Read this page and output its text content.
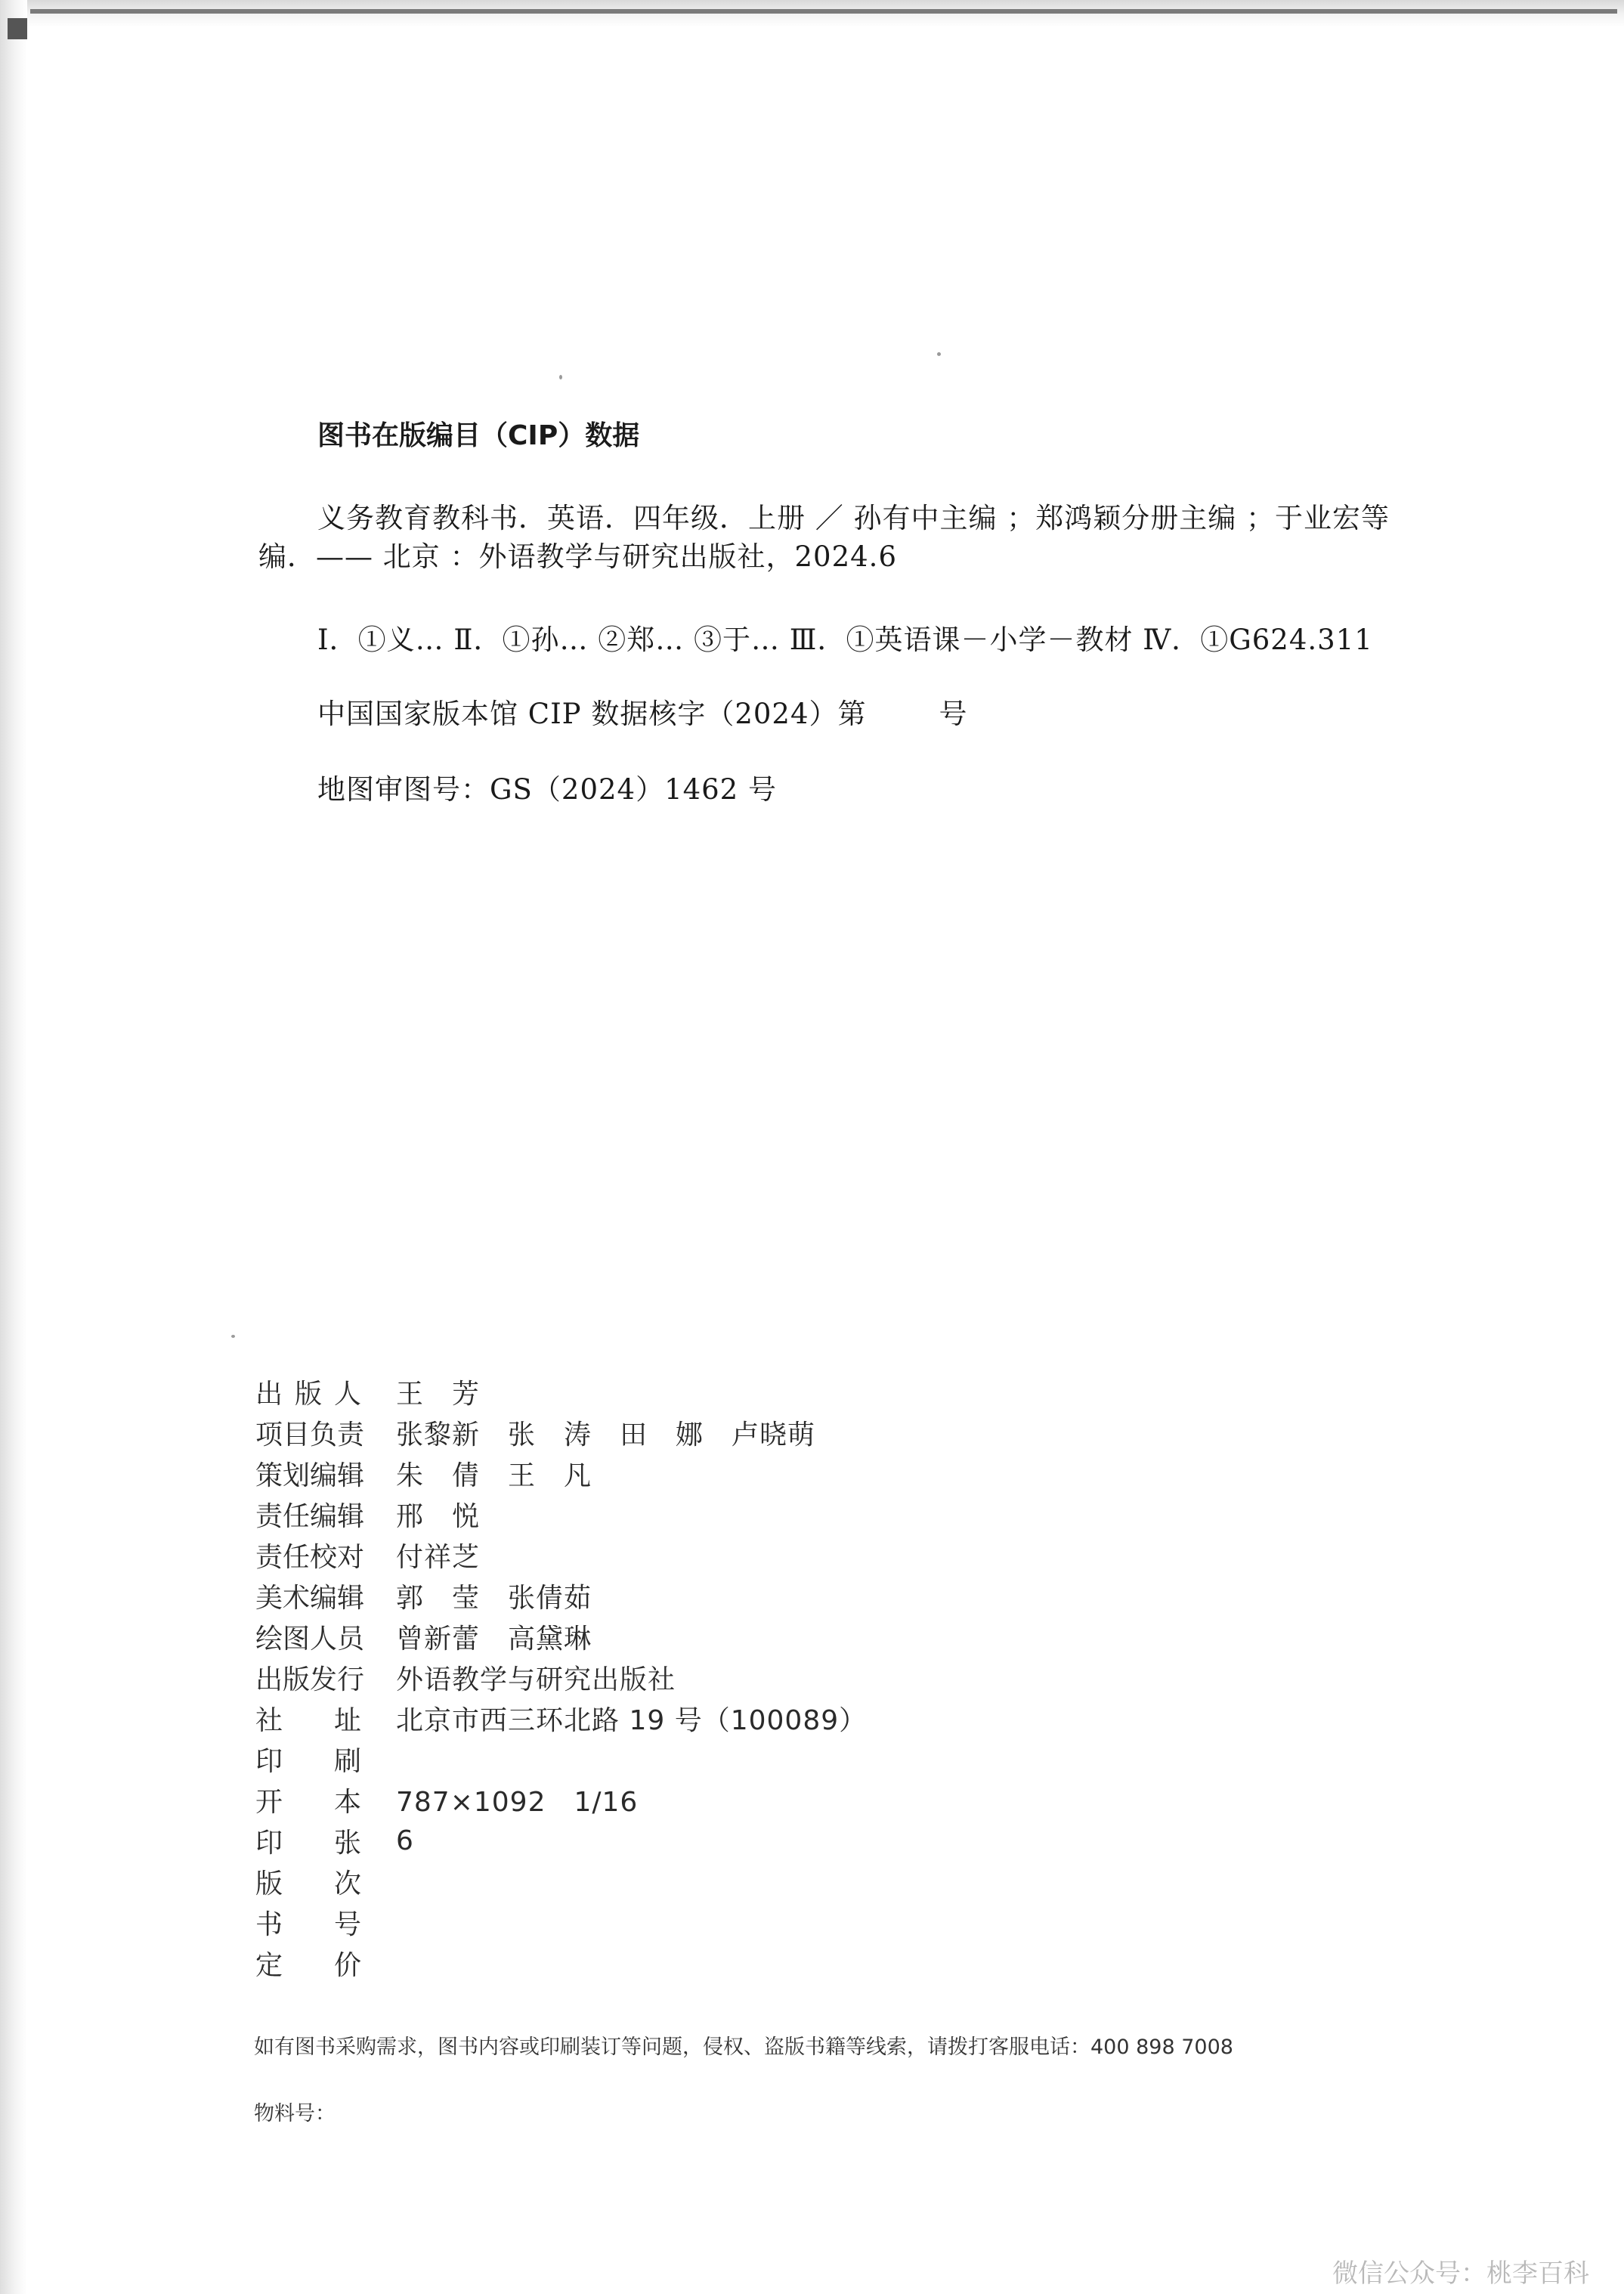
图书在版编目（CIP）数据
义务教育教科书．英语．四年级．上册 ／ 孙有中主编 ；郑鸿颖分册主编 ；于业宏等编．—— 北京 ：外语教学与研究出版社，2024.6
Ⅰ．①义… Ⅱ．①孙… ②郑… ③于… Ⅲ．①英语课－小学－教材 Ⅳ．①G624.311
中国国家版本馆 CIP 数据核字（2024）第	号
地图审图号：GS（2024）1462 号
出 版 人 王　芳
项 目 负 责 张黎新　张　涛　田　娜　卢晓萌
策 划 编 辑 朱　倩　王　凡
责 任 编 辑 邢　悦
责 任 校 对 付祥芝
美 术 编 辑 郭　莹　张倩茹
绘 图 人 员 曾新蕾　高黛琳
出 版 发 行 外语教学与研究出版社
社 址 北京市西三环北路 19 号（100089）
印 刷
开 本 787×1092　1/16
印 张 6
版 次
书 号
定 价
如有图书采购需求，图书内容或印刷装订等问题，侵权、盗版书籍等线索，请拨打客服电话：400 898 7008
物料号：
微信公众号：桃李百科
